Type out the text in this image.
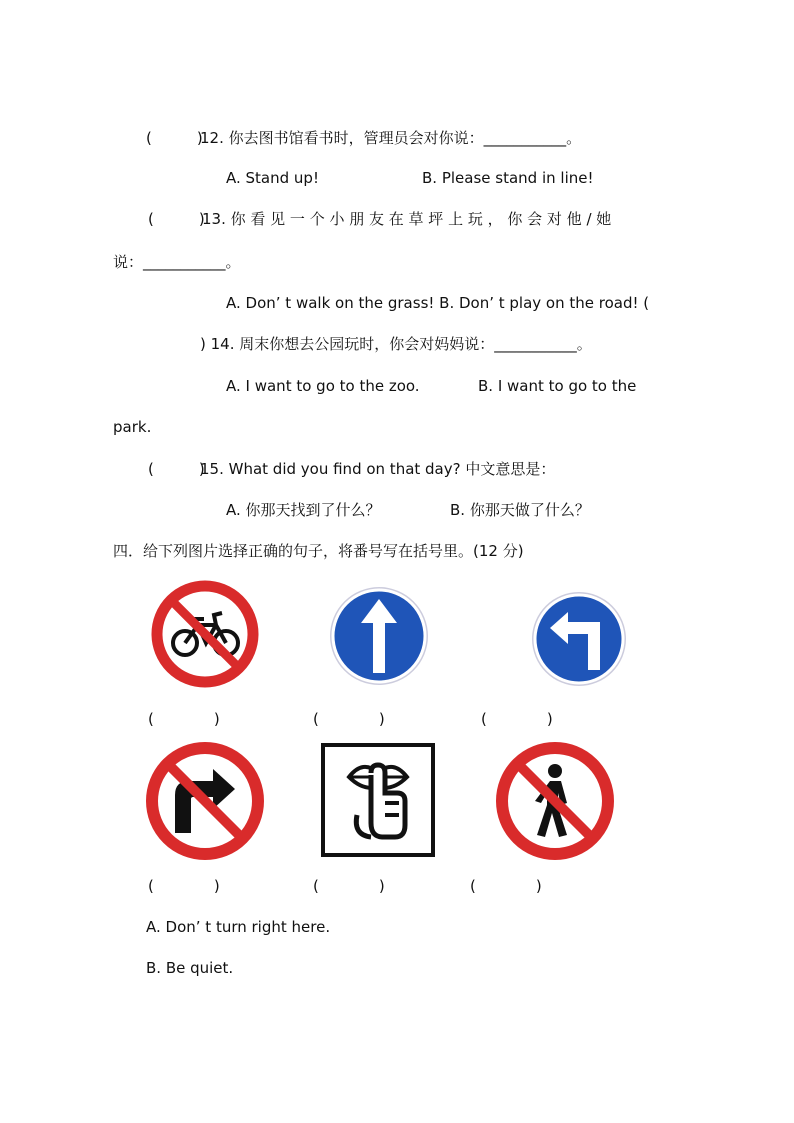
(　　　)
12. 你去图书馆看书时，管理员会对你说：___________。
A. Stand up!	B. Please stand in line!
(　　　)
13. 你 看 见 一 个 小 朋 友 在 草 坪 上 玩 ， 你 会 对 他 / 她
说：___________。
A. Don’ t walk on the grass! B. Don’ t play on the road! (
) 14. 周末你想去公园玩时，你会对妈妈说：___________。
A. I want to go to the zoo.	B. I want to go to the
park.
(　　　)
15. What did you find on that day? 中文意思是：
A. 你那天找到了什么？	B. 你那天做了什么？
四．给下列图片选择正确的句子，将番号写在括号里。(12 分)
(　　　　)	(　　　　)	(　　　　)
(　　　　)	(　　　　)	(　　　　)
A. Don’ t turn right here.
B. Be quiet.
